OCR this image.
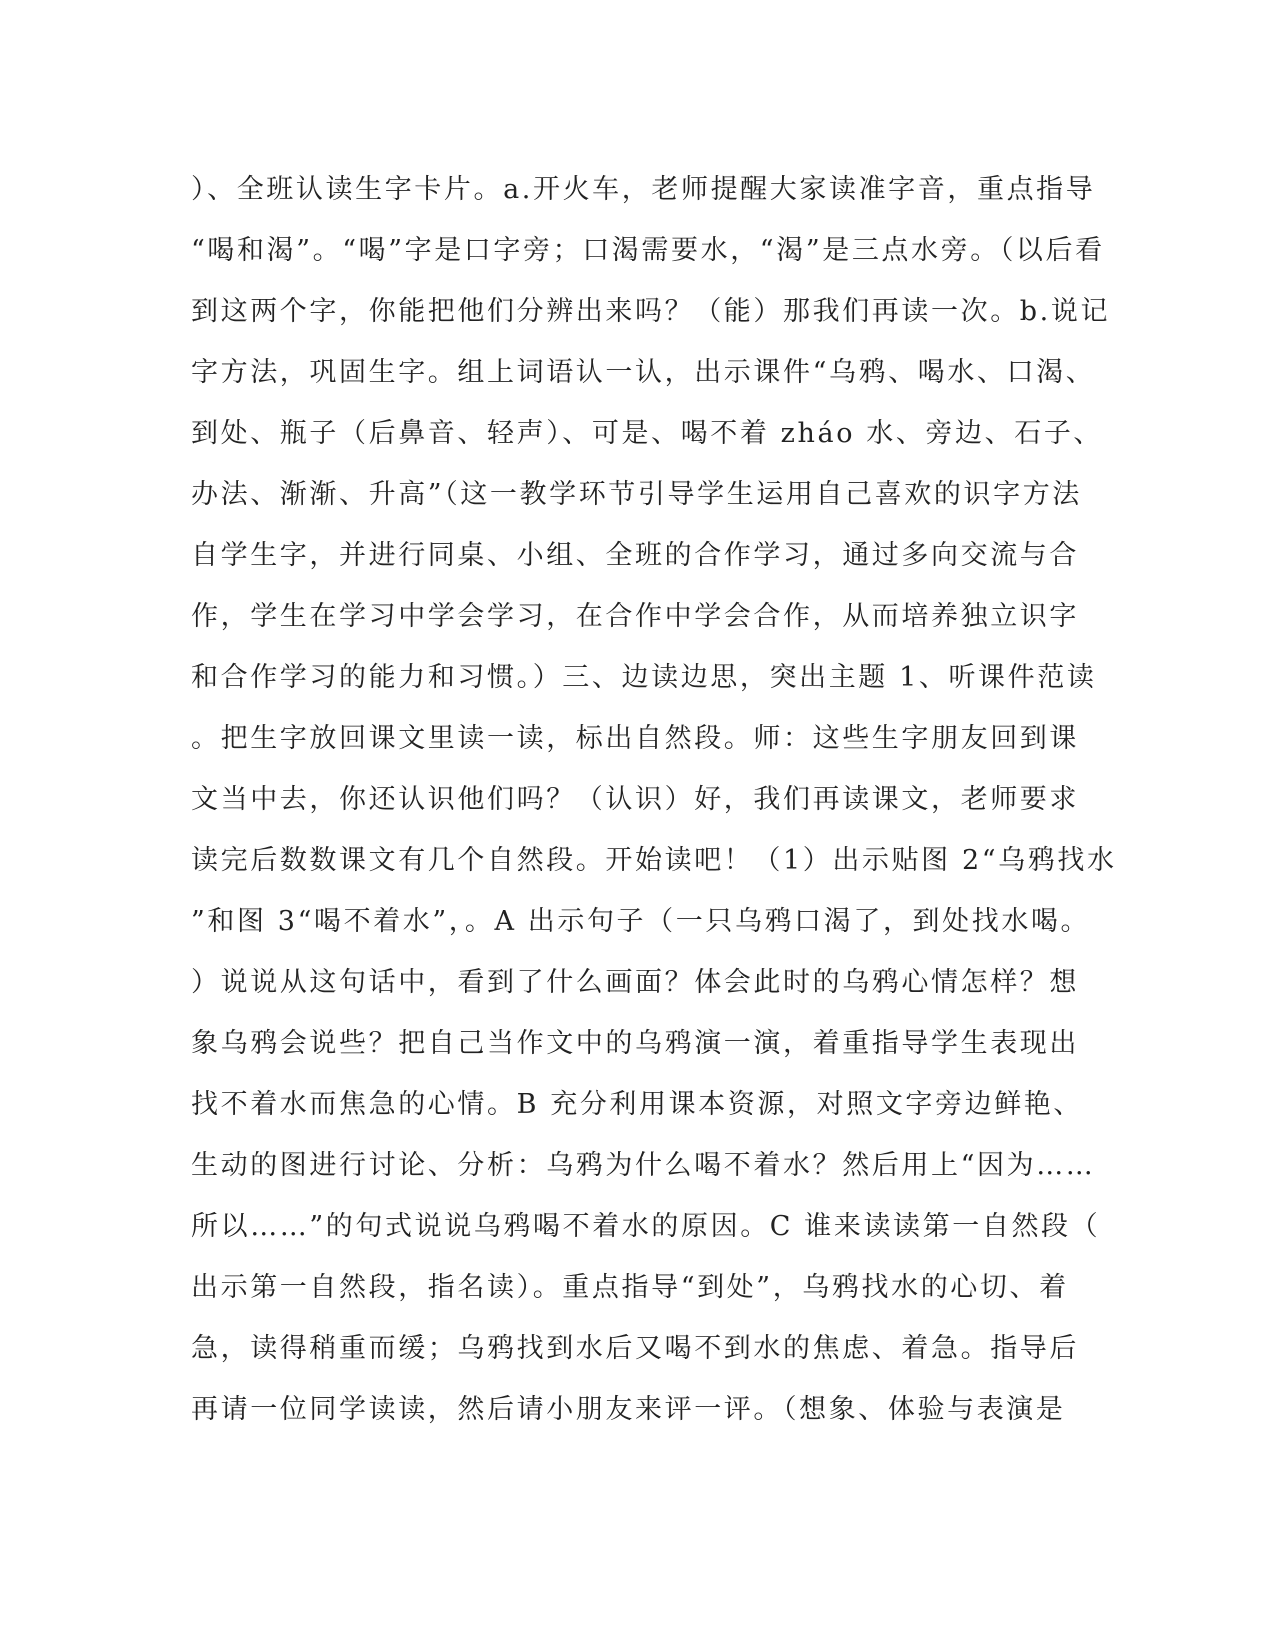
）、全班认读生字卡片。a.开火车，老师提醒大家读准字音，重点指导
“喝和渴”。“喝”字是口字旁；口渴需要水，“渴”是三点水旁。（以后看
到这两个字，你能把他们分辨出来吗？（能）那我们再读一次。b.说记
字方法，巩固生字。组上词语认一认，出示课件“乌鸦、喝水、口渴、
到处、瓶子（后鼻音、轻声）、可是、喝不着 zháo 水、旁边、石子、
办法、渐渐、升高”（这一教学环节引导学生运用自己喜欢的识字方法
自学生字，并进行同桌、小组、全班的合作学习，通过多向交流与合
作，学生在学习中学会学习，在合作中学会合作，从而培养独立识字
和合作学习的能力和习惯。）三、边读边思，突出主题 1、听课件范读
。把生字放回课文里读一读，标出自然段。师：这些生字朋友回到课
文当中去，你还认识他们吗？（认识）好，我们再读课文，老师要求
读完后数数课文有几个自然段。开始读吧！（1）出示贴图 2“乌鸦找水
”和图 3“喝不着水”，。A 出示句子（一只乌鸦口渴了，到处找水喝。
）说说从这句话中，看到了什么画面？体会此时的乌鸦心情怎样？想
象乌鸦会说些？把自己当作文中的乌鸦演一演，着重指导学生表现出
找不着水而焦急的心情。B 充分利用课本资源，对照文字旁边鲜艳、
生动的图进行讨论、分析：乌鸦为什么喝不着水？然后用上“因为……
所以……”的句式说说乌鸦喝不着水的原因。C 谁来读读第一自然段（
出示第一自然段，指名读）。重点指导“到处”，乌鸦找水的心切、着
急，读得稍重而缓；乌鸦找到水后又喝不到水的焦虑、着急。指导后
再请一位同学读读，然后请小朋友来评一评。（想象、体验与表演是
